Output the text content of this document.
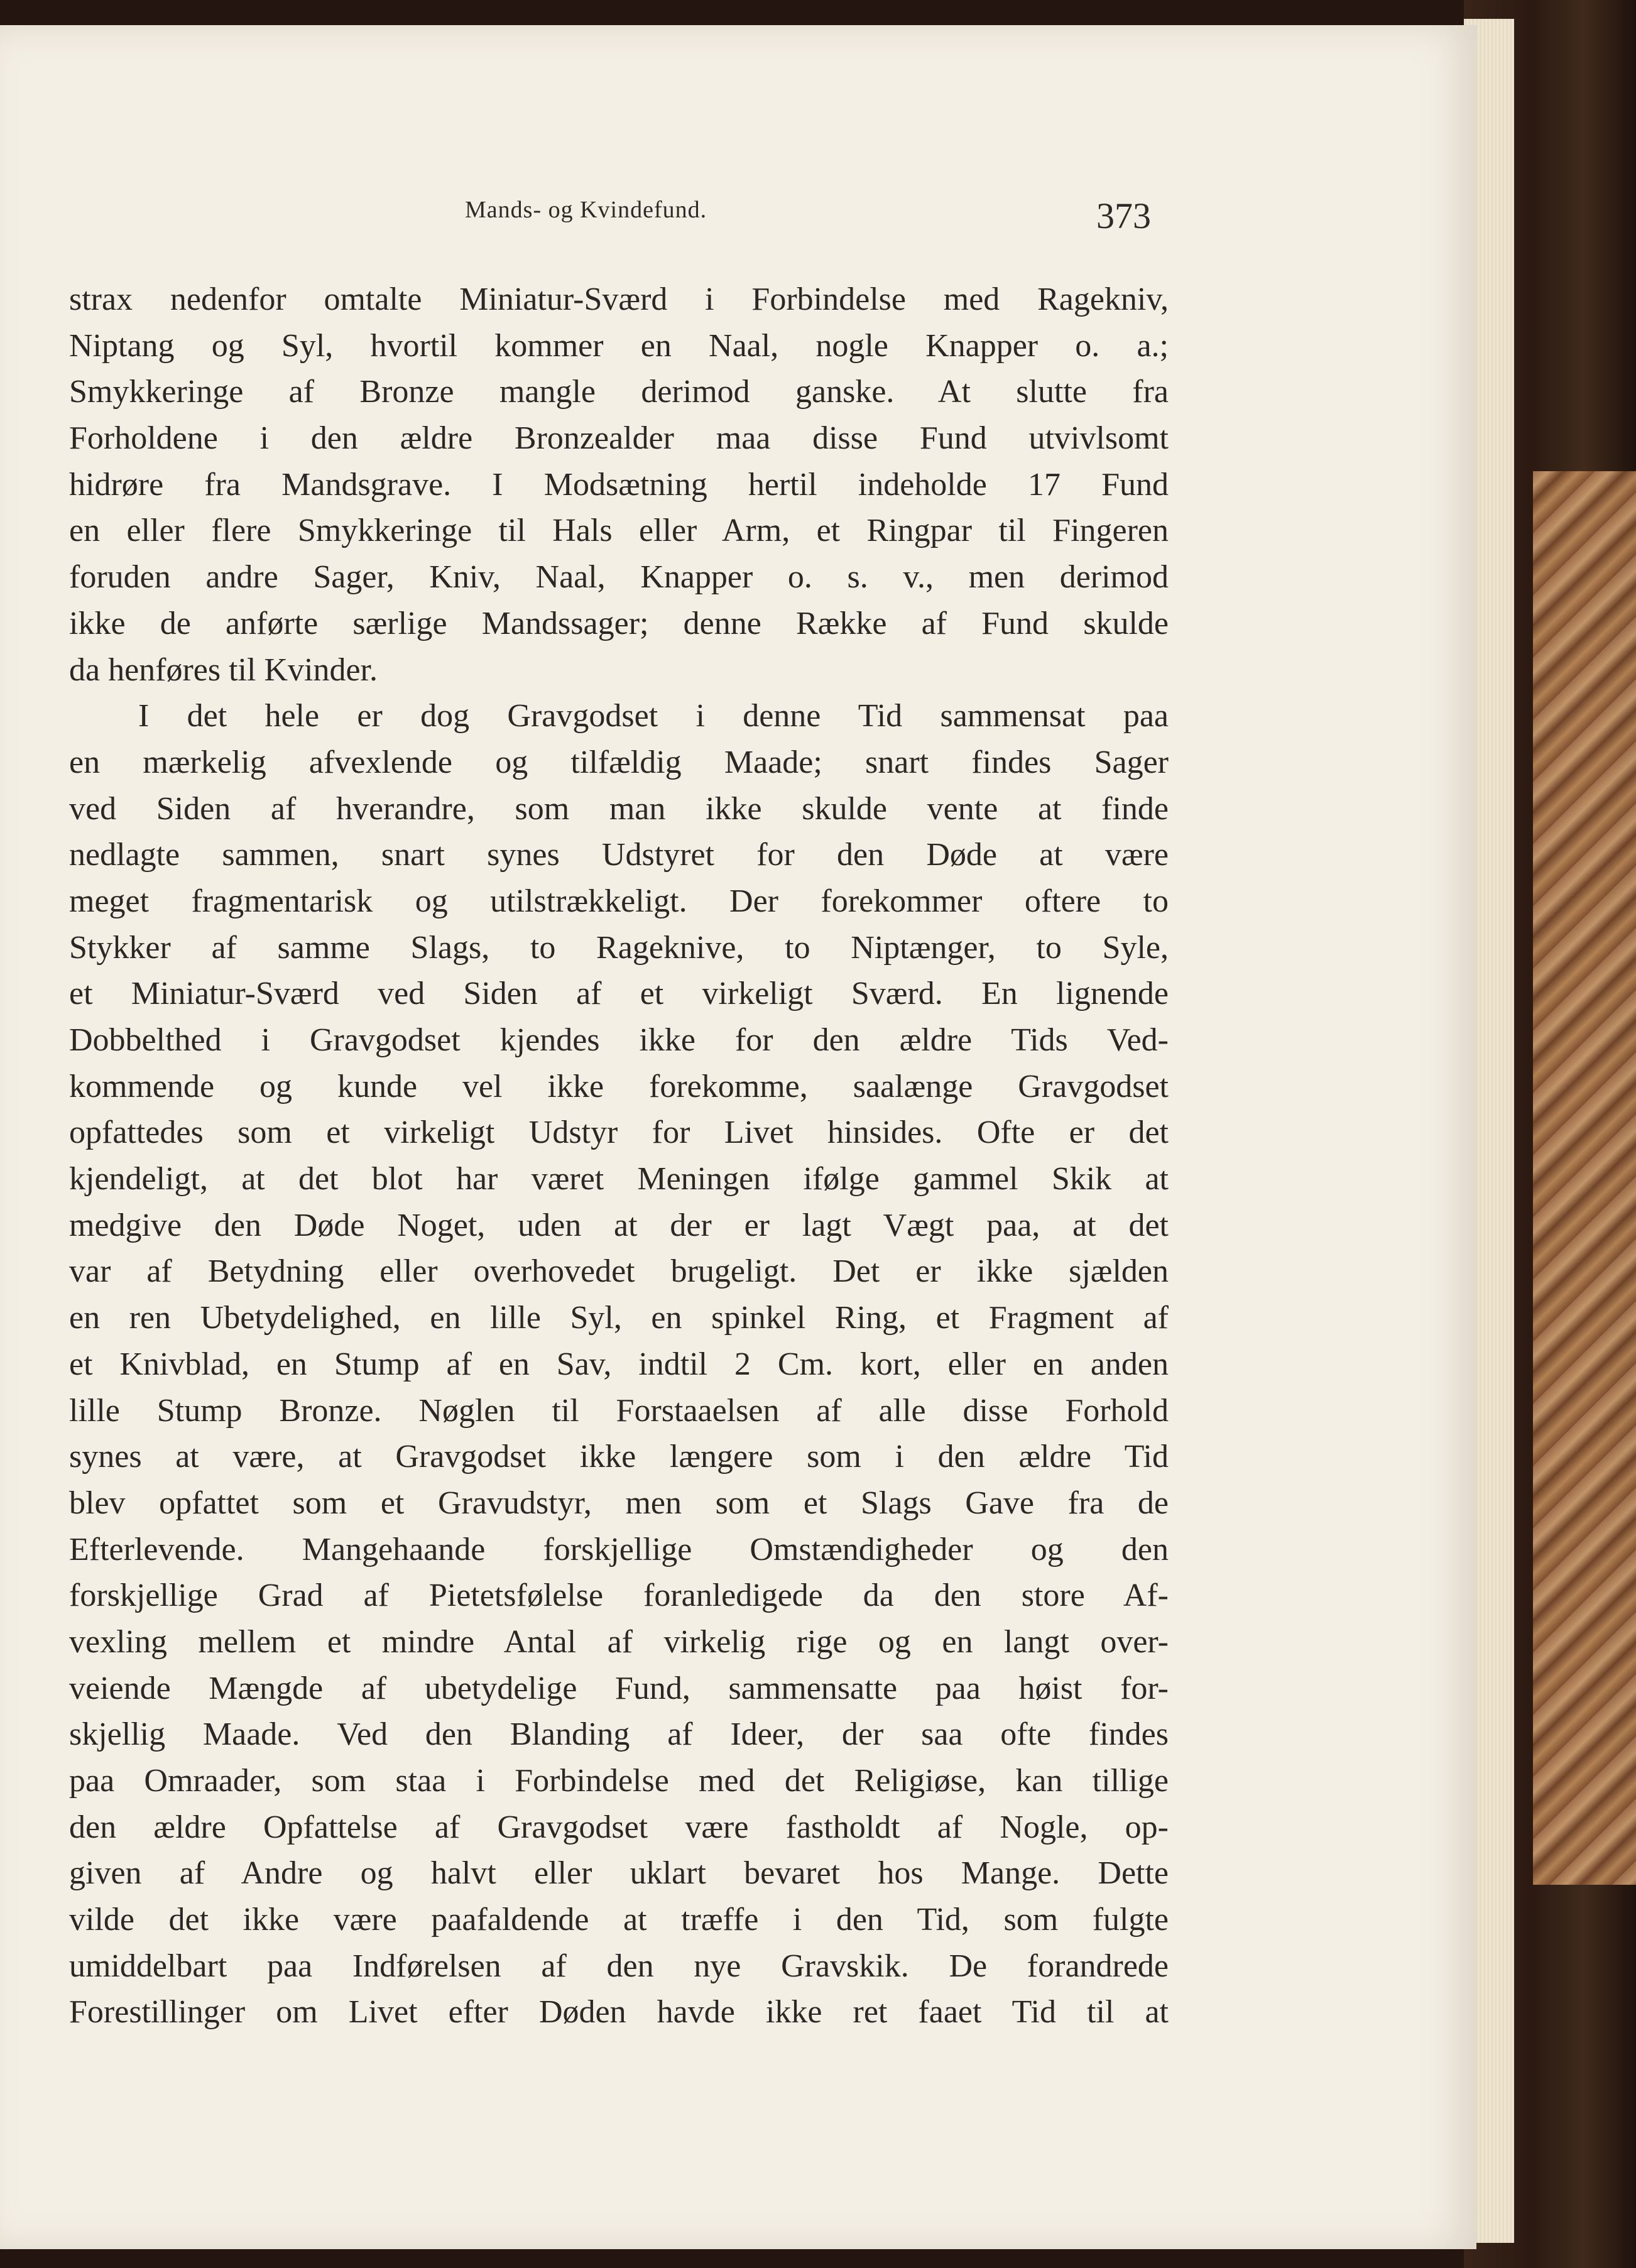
Mands- og Kvindefund.	373
strax nedenfor omtalte Miniatur-Sværd i Forbindelse med Ragekniv,
Niptang og Syl, hvortil kommer en Naal, nogle Knapper o. a.;
Smykkeringe af Bronze mangle derimod ganske. At slutte fra
Forholdene i den ældre Bronzealder maa disse Fund utvivlsomt
hidrøre fra Mandsgrave. I Modsætning hertil indeholde 17 Fund
en eller flere Smykkeringe til Hals eller Arm, et Ringpar til Fingeren
foruden andre Sager, Kniv, Naal, Knapper o. s. v., men derimod
ikke de anførte særlige Mandssager; denne Række af Fund skulde
da henføres til Kvinder.
I det hele er dog Gravgodset i denne Tid sammensat paa
en mærkelig afvexlende og tilfældig Maade; snart findes Sager
ved Siden af hverandre, som man ikke skulde vente at finde
nedlagte sammen, snart synes Udstyret for den Døde at være
meget fragmentarisk og utilstrækkeligt. Der forekommer oftere to
Stykker af samme Slags, to Rageknive, to Niptænger, to Syle,
et Miniatur-Sværd ved Siden af et virkeligt Sværd. En lignende
Dobbelthed i Gravgodset kjendes ikke for den ældre Tids Ved-
kommende og kunde vel ikke forekomme, saalænge Gravgodset
opfattedes som et virkeligt Udstyr for Livet hinsides. Ofte er det
kjendeligt, at det blot har været Meningen ifølge gammel Skik at
medgive den Døde Noget, uden at der er lagt Vægt paa, at det
var af Betydning eller overhovedet brugeligt. Det er ikke sjælden
en ren Ubetydelighed, en lille Syl, en spinkel Ring, et Fragment af
et Knivblad, en Stump af en Sav, indtil 2 Cm. kort, eller en anden
lille Stump Bronze. Nøglen til Forstaaelsen af alle disse Forhold
synes at være, at Gravgodset ikke længere som i den ældre Tid
blev opfattet som et Gravudstyr, men som et Slags Gave fra de
Efterlevende. Mangehaande forskjellige Omstændigheder og den
forskjellige Grad af Pietetsfølelse foranledigede da den store Af-
vexling mellem et mindre Antal af virkelig rige og en langt over-
veiende Mængde af ubetydelige Fund, sammensatte paa høist for-
skjellig Maade. Ved den Blanding af Ideer, der saa ofte findes
paa Omraader, som staa i Forbindelse med det Religiøse, kan tillige
den ældre Opfattelse af Gravgodset være fastholdt af Nogle, op-
given af Andre og halvt eller uklart bevaret hos Mange. Dette
vilde det ikke være paafaldende at træffe i den Tid, som fulgte
umiddelbart paa Indførelsen af den nye Gravskik. De forandrede
Forestillinger om Livet efter Døden havde ikke ret faaet Tid til at
